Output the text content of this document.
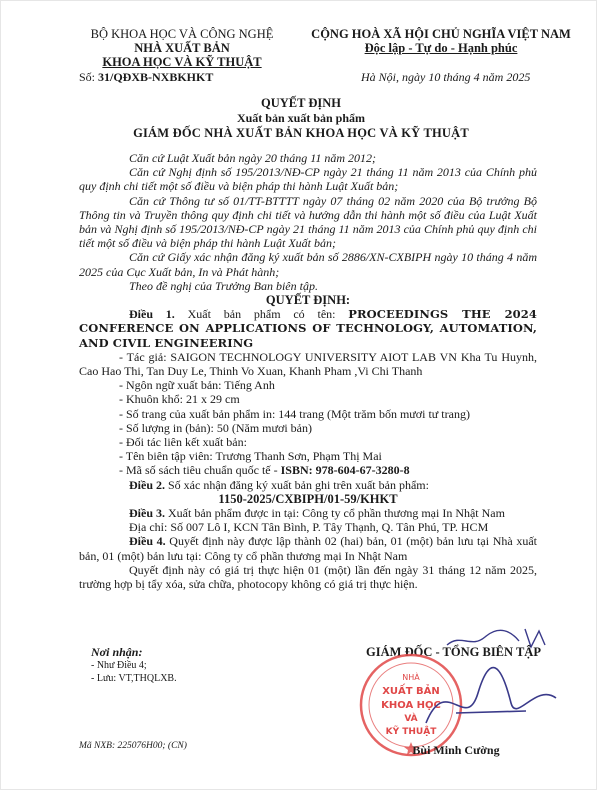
BỘ KHOA HỌC VÀ CÔNG NGHỆ
NHÀ XUẤT BẢN
KHOA HỌC VÀ KỸ THUẬT
CỘNG HOÀ XÃ HỘI CHỦ NGHĨA VIỆT NAM
Độc lập - Tự do - Hạnh phúc
Số: 31/QĐXB-NXBKHKT	Hà Nội, ngày 10 tháng 4 năm 2025
QUYẾT ĐỊNH
Xuất bản xuất bản phẩm
GIÁM ĐỐC NHÀ XUẤT BẢN KHOA HỌC VÀ KỸ THUẬT

Căn cứ Luật Xuất bản ngày 20 tháng 11 năm 2012;

Căn cứ Nghị định số 195/2013/NĐ-CP ngày 21 tháng 11 năm 2013 của Chính phủ quy định chi tiết một số điều và biện pháp thi hành Luật Xuất bản;

Căn cứ Thông tư số 01/TT-BTTTT ngày 07 tháng 02 năm 2020 của Bộ trưởng Bộ Thông tin và Truyền thông quy định chi tiết và hướng dẫn thi hành một số điều của Luật Xuất bản và Nghị định số 195/2013/NĐ-CP ngày 21 tháng 11 năm 2013 của Chính phủ quy định chi tiết một số điều và biện pháp thi hành Luật Xuất bản;

Căn cứ Giấy xác nhận đăng ký xuất bản số 2886/XN-CXBIPH ngày 10 tháng 4 năm 2025 của Cục Xuất bản, In và Phát hành;

Theo đề nghị của Trưởng Ban biên tập.

QUYẾT ĐỊNH:

Điều 1. Xuất bản phẩm có tên: PROCEEDINGS THE 2024 CONFERENCE ON APPLICATIONS OF TECHNOLOGY, AUTOMATION, AND CIVIL ENGINEERING

- Tác giả: SAIGON TECHNOLOGY UNIVERSITY AIOT LAB VN Kha Tu Huynh, Cao Hao Thi, Tan Duy Le, Thinh Vo Xuan, Khanh Pham ,Vi Chi Thanh

- Ngôn ngữ xuất bản: Tiếng Anh

- Khuôn khổ: 21 x 29 cm

- Số trang của xuất bản phẩm in: 144 trang (Một trăm bốn mươi tư trang)

- Số lượng in (bản): 50 (Năm mươi bản)

- Đối tác liên kết xuất bản:

- Tên biên tập viên: Trương Thanh Sơn, Phạm Thị Mai

- Mã số sách tiêu chuẩn quốc tế - ISBN: 978-604-67-3280-8

Điều 2. Số xác nhận đăng ký xuất bản ghi trên xuất bản phẩm:

1150-2025/CXBIPH/01-59/KHKT

Điều 3. Xuất bản phẩm được in tại: Công ty cổ phần thương mại In Nhật Nam

Địa chỉ: Số 007 Lô I, KCN Tân Bình, P. Tây Thạnh, Q. Tân Phú, TP. HCM

Điều 4. Quyết định này được lập thành 02 (hai) bản, 01 (một) bản lưu tại Nhà xuất bản, 01 (một) bản lưu tại: Công ty cổ phần thương mại In Nhật Nam

Quyết định này có giá trị thực hiện 01 (một) lần đến ngày 31 tháng 12 năm 2025, trường hợp bị tẩy xóa, sửa chữa, photocopy không có giá trị thực hiện.

Nơi nhận:
- Như Điều 4;
- Lưu: VT,THQLXB.
GIÁM ĐỐC - TỔNG BIÊN TẬP
NHÀ
XUẤT BẢN
KHOA HỌC
VÀ
KỸ THUẬT
Bùi Minh Cường
Mã NXB: 225076H00; (CN)
